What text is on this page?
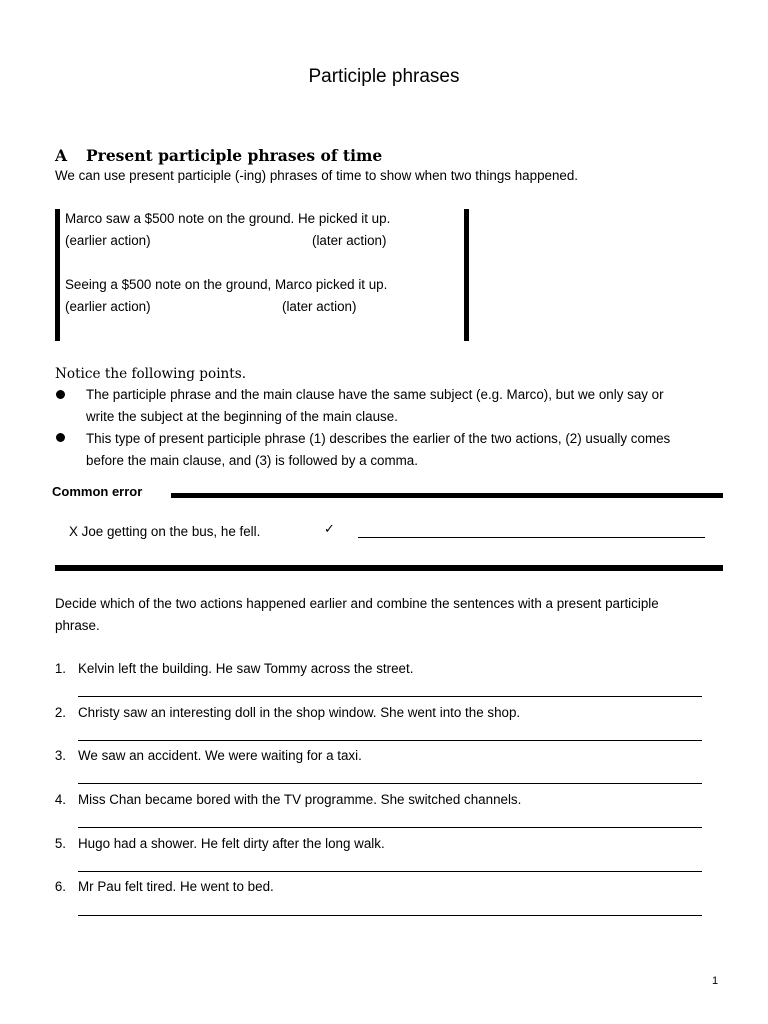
Participle phrases
A Present participle phrases of time
We can use present participle (-ing) phrases of time to show when two things happened.
Marco saw a $500 note on the ground. He picked it up.
(earlier action)	(later action)
Seeing a $500 note on the ground, Marco picked it up.
(earlier action)	(later action)
Notice the following points.
The participle phrase and the main clause have the same subject (e.g. Marco), but we only say or
write the subject at the beginning of the main clause.
This type of present participle phrase (1) describes the earlier of the two actions, (2) usually comes
before the main clause, and (3) is followed by a comma.
Common error
X Joe getting on the bus, he fell.	✓
Decide which of the two actions happened earlier and combine the sentences with a present participle
phrase.
1. Kelvin left the building. He saw Tommy across the street.
2. Christy saw an interesting doll in the shop window. She went into the shop.
3. We saw an accident. We were waiting for a taxi.
4. Miss Chan became bored with the TV programme. She switched channels.
5. Hugo had a shower. He felt dirty after the long walk.
6. Mr Pau felt tired. He went to bed.
1
